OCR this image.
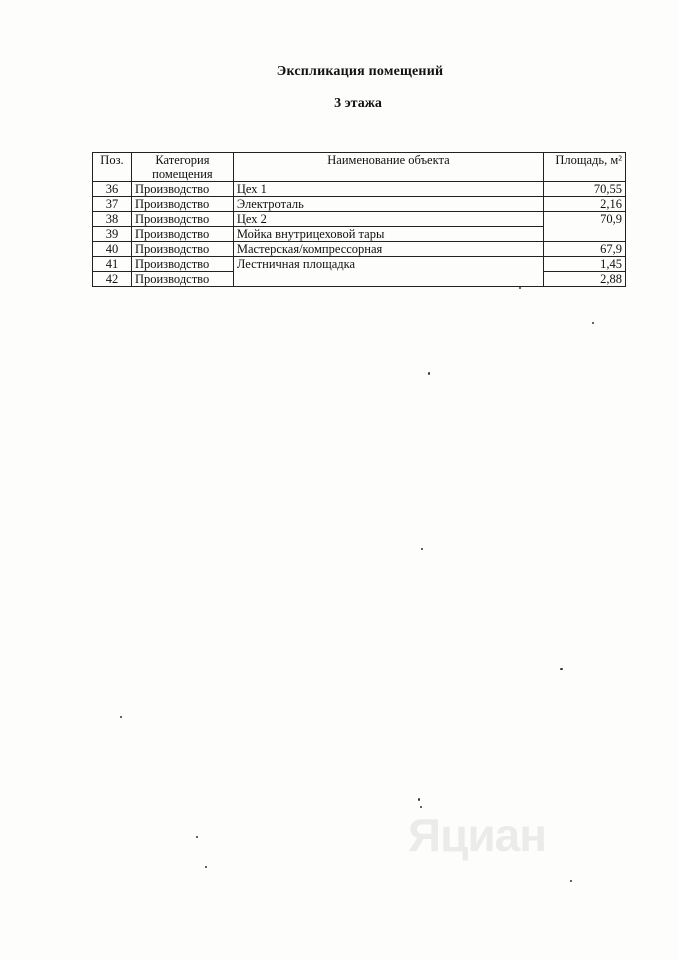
Экспликация помещений
3 этажа
Поз.	Категория помещения	Наименование объекта	Площадь, м²
36	Производство	Цех 1	70,55
37	Производство	Электроталь	2,16
38	Производство	Цех 2	70,9
39	Производство	Мойка внутрицеховой тары	
40	Производство	Мастерская/компрессорная	67,9
41	Производство	Лестничная площадка	1,45
42	Производство		2,88
Яциан
